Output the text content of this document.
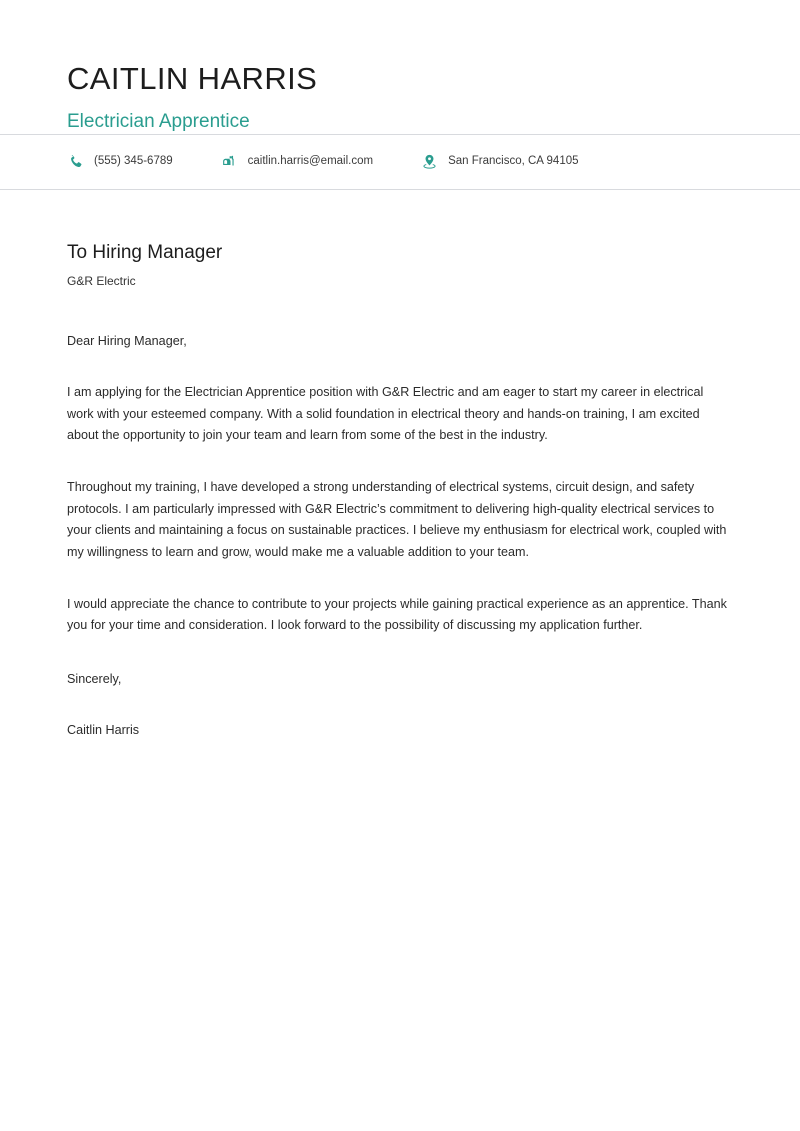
CAITLIN HARRIS
Electrician Apprentice
(555) 345-6789	caitlin.harris@email.com	San Francisco, CA 94105
To Hiring Manager
G&R Electric

Dear Hiring Manager,

I am applying for the Electrician Apprentice position with G&R Electric and am eager to start my career in electrical work with your esteemed company. With a solid foundation in electrical theory and hands-on training, I am excited about the opportunity to join your team and learn from some of the best in the industry.

Throughout my training, I have developed a strong understanding of electrical systems, circuit design, and safety protocols. I am particularly impressed with G&R Electric’s commitment to delivering high-quality electrical services to your clients and maintaining a focus on sustainable practices. I believe my enthusiasm for electrical work, coupled with my willingness to learn and grow, would make me a valuable addition to your team.

I would appreciate the chance to contribute to your projects while gaining practical experience as an apprentice. Thank you for your time and consideration. I look forward to the possibility of discussing my application further.

Sincerely,

Caitlin Harris
